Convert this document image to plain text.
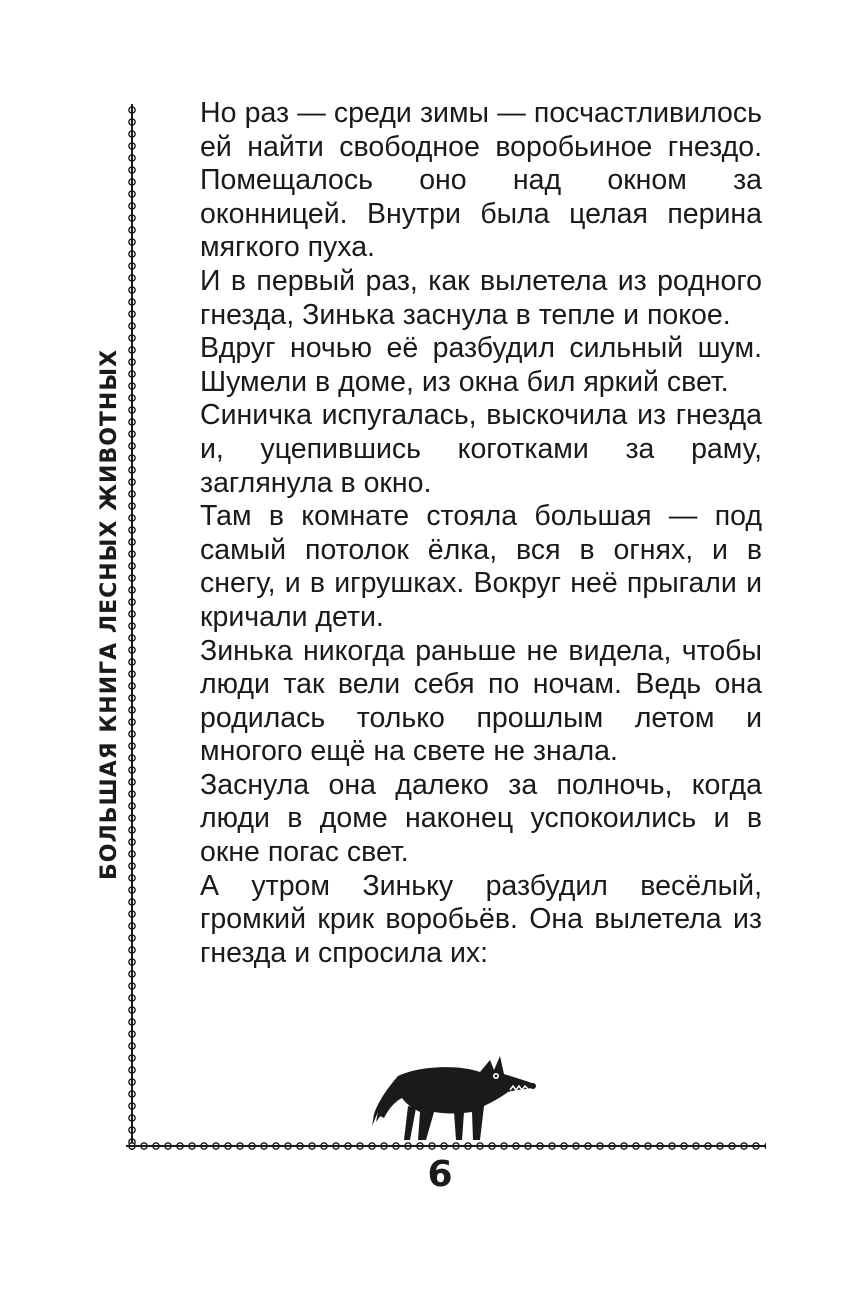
БОЛЬШАЯ КНИГА ЛЕСНЫХ ЖИВОТНЫХ

Но раз — среди зимы — посчастливилось ей найти свободное воробьиное гнездо. Помещалось оно над окном за оконницей. Внутри была целая перина мягкого пуха.

И в первый раз, как вылетела из родного гнезда, Зинька заснула в тепле и покое.

Вдруг ночью её разбудил сильный шум. Шумели в доме, из окна бил яркий свет.

Синичка испугалась, выскочила из гнезда и, уцепившись коготками за раму, заглянула в окно.

Там в комнате стояла большая — под самый потолок ёлка, вся в огнях, и в снегу, и в игрушках. Вокруг неё прыгали и кричали дети.

Зинька никогда раньше не видела, чтобы люди так вели себя по ночам. Ведь она родилась только прошлым летом и многого ещё на свете не знала.

Заснула она далеко за полночь, когда люди в доме наконец успокоились и в окне погас свет.

А утром Зиньку разбудил весёлый, громкий крик воробьёв. Она вылетела из гнезда и спросила их:

6
